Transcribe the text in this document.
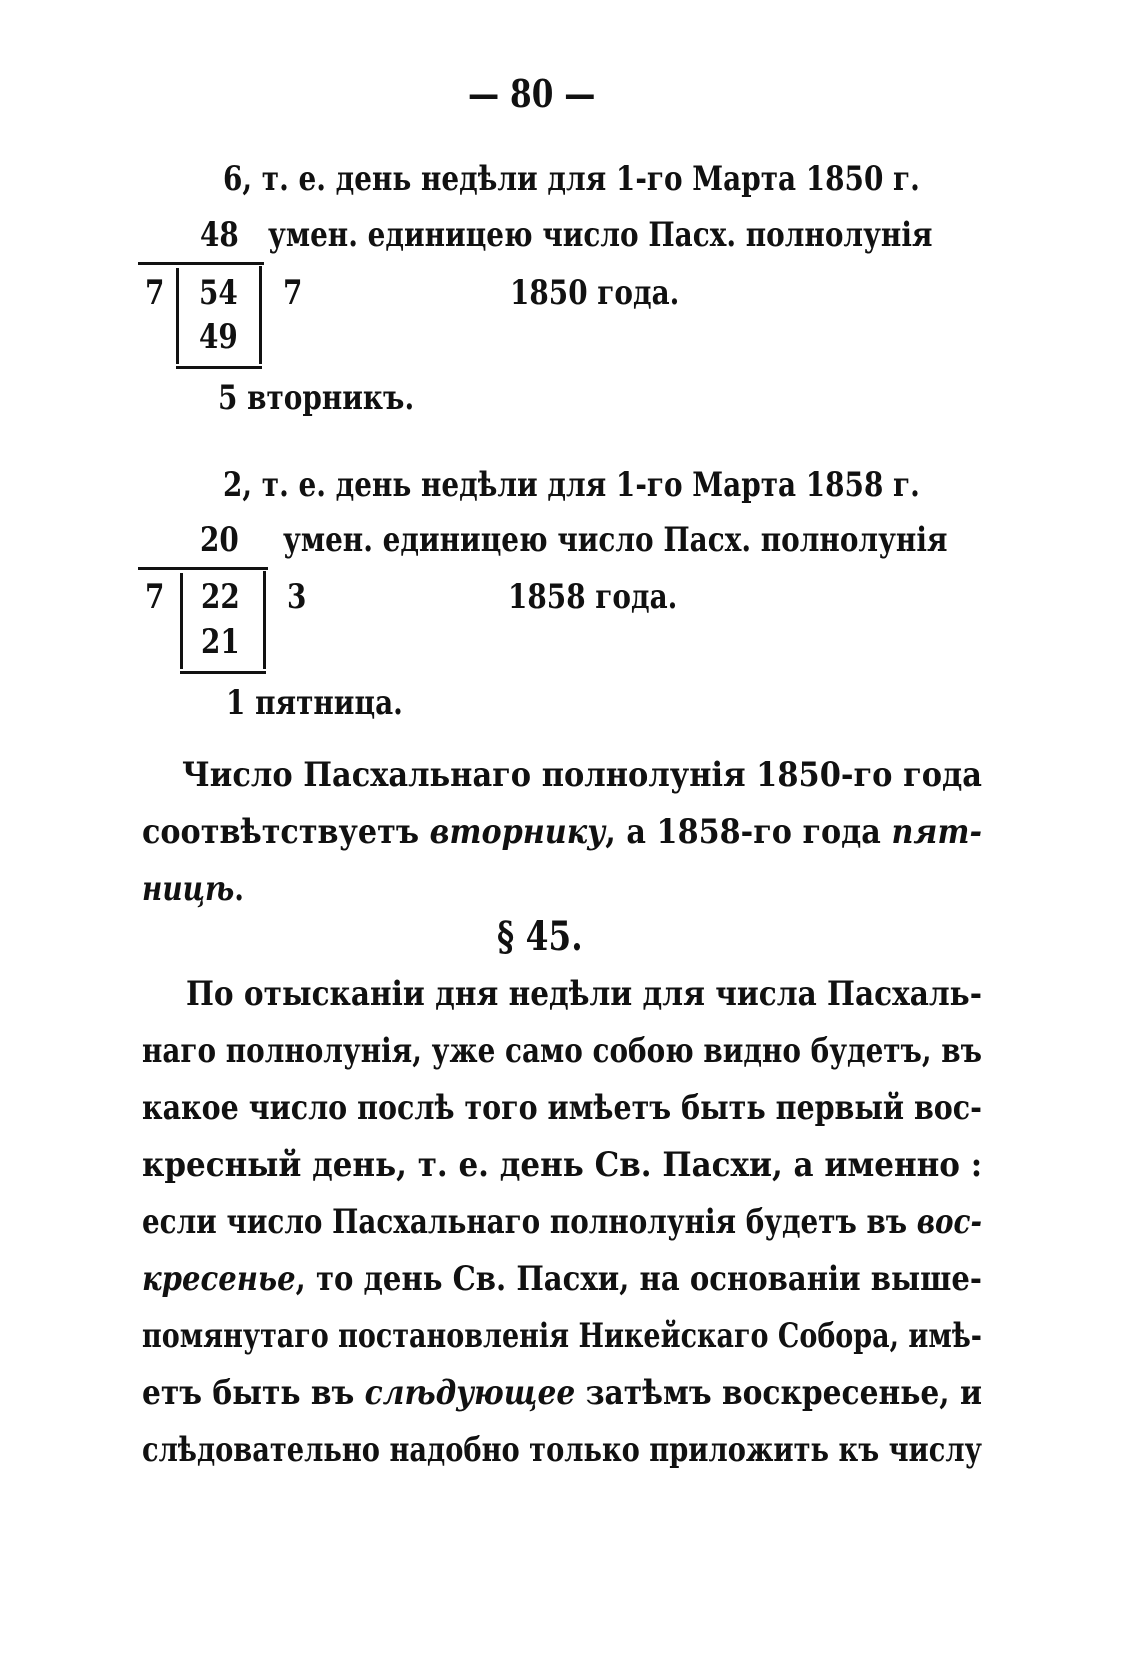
— 80 —
6, т. е. день недѣли для 1-го Марта 1850 г.
48 умен. единицею число Пасх. полнолунія
7 54
49
7	1850 года.
5 вторникъ.
2, т. е. день недѣли для 1-го Марта 1858 г.
20 умен. единицею число Пасх. полнолунія
7 22
21
3	1858 года.
1 пятница.
Число Пасхальнаго полнолунія 1850-го года
соотвѣтствуетъ вторнику, а 1858-го года пят-
ницѣ.
§ 45.
По отысканіи дня недѣли для числа Пасхаль-
наго полнолунія, уже само собою видно будетъ, въ
какое число послѣ того имѣетъ быть первый вос-
кресный день, т. е. день Св. Пасхи, а именно :
если число Пасхальнаго полнолунія будетъ въ вос-
кресенье, то день Св. Пасхи, на основаніи выше-
помянутаго постановленія Никейскаго Собора, имѣ-
етъ быть въ слѣдующее затѣмъ воскресенье, и
слѣдовательно надобно только приложить къ числу
